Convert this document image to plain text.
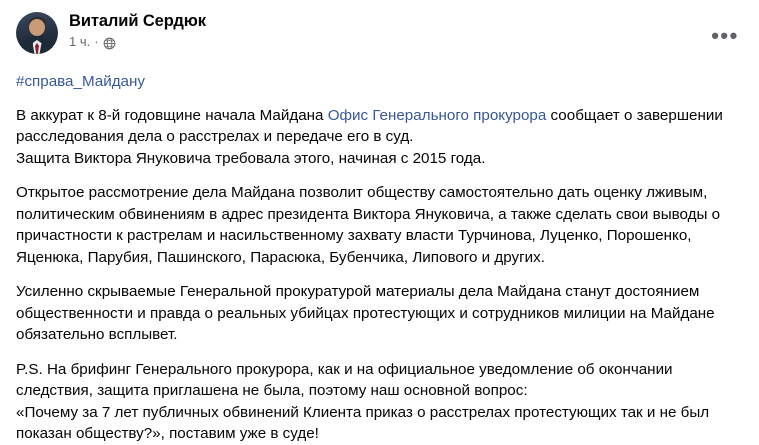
Виталий Сердюк
1 ч. ·	•••

#справа_Майдану

В аккурат к 8-й годовщине начала Майдана Офис Генерального прокурора сообщает о завершении расследования дела о расстрелах и передаче его в суд.
Защита Виктора Януковича требовала этого, начиная с 2015 года.

Открытое рассмотрение дела Майдана позволит обществу самостоятельно дать оценку лживым, политическим обвинениям в адрес президента Виктора Януковича, а также сделать свои выводы о причастности к растрелам и насильственному захвату власти Турчинова, Луценко, Порошенко, Яценюка, Парубия, Пашинского, Парасюка, Бубенчика, Липового и других.

Усиленно скрываемые Генеральной прокуратурой материалы дела Майдана станут достоянием общественности и правда о реальных убийцах протестующих и сотрудников милиции на Майдане обязательно всплывет.

P.S. На брифинг Генерального прокурора, как и на официальное уведомление об окончании следствия, защита приглашена не была, поэтому наш основной вопрос:
«Почему за 7 лет публичных обвинений Клиента приказ о расстрелах протестующих так и не был показан обществу?», поставим уже в суде!
